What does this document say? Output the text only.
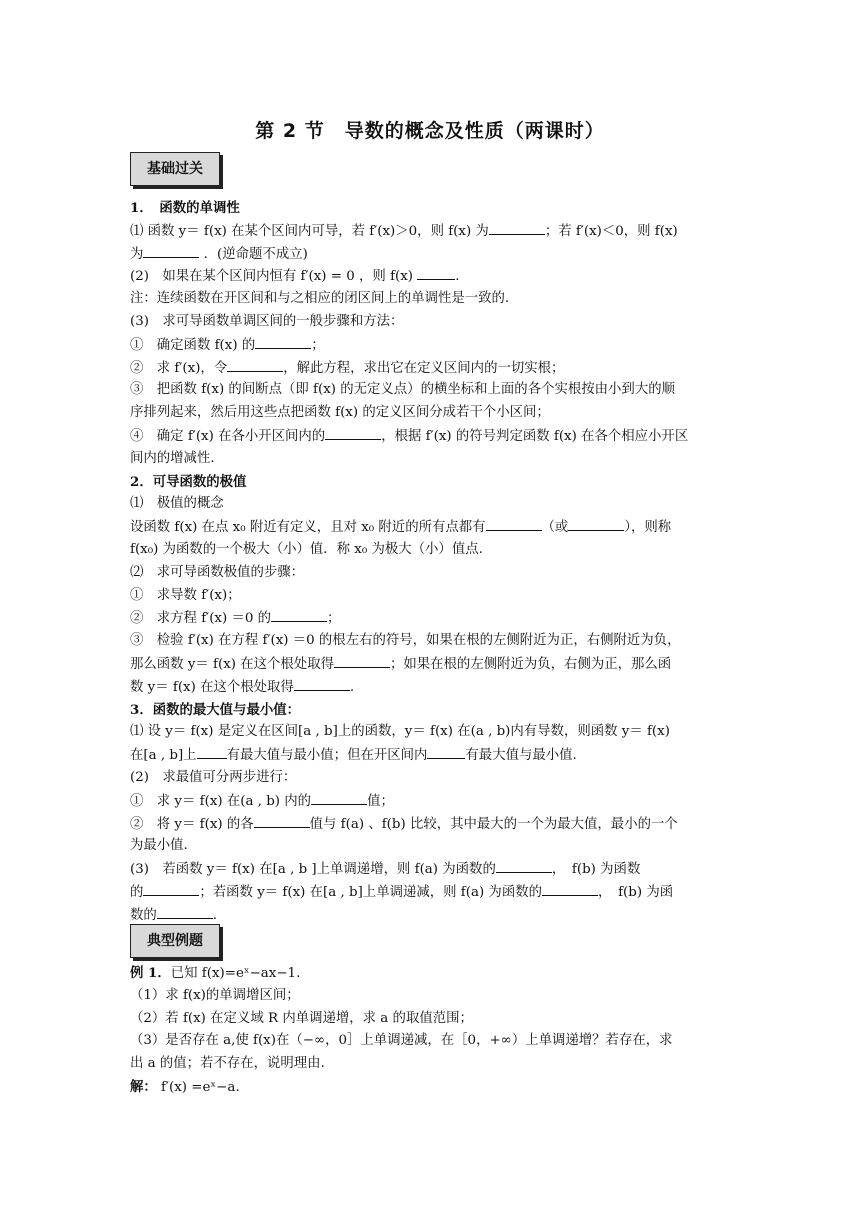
第 2 节　导数的概念及性质（两课时）
基础过关
1．　函数的单调性
⑴ 函数 y＝ f(x) 在某个区间内可导，若 f′(x)＞0，则 f(x) 为	；若 f′(x)＜0，则 f(x)
为	．(逆命题不成立)
(2)　如果在某个区间内恒有 f′(x) = 0 ，则 f(x)	.
注：连续函数在开区间和与之相应的闭区间上的单调性是一致的.
(3)　求可导函数单调区间的一般步骤和方法：
①　确定函数 f(x) 的	；
②　求 f′(x)，令	，解此方程，求出它在定义区间内的一切实根；
③　把函数 f(x) 的间断点（即 f(x) 的无定义点）的横坐标和上面的各个实根按由小到大的顺
序排列起来，然后用这些点把函数 f(x) 的定义区间分成若干个小区间；
④　确定 f′(x) 在各小开区间内的	，根据 f′(x) 的符号判定函数 f(x) 在各个相应小开区
间内的增减性.
2．可导函数的极值
⑴　极值的概念
设函数 f(x) 在点 x₀ 附近有定义，且对 x₀ 附近的所有点都有	（或	），则称
f(x₀) 为函数的一个极大（小）值．称 x₀ 为极大（小）值点.
⑵　求可导函数极值的步骤：
①　求导数 f′(x)；
②　求方程 f′(x) ＝0 的	；
③　检验 f′(x) 在方程 f′(x) ＝0 的根左右的符号，如果在根的左侧附近为正，右侧附近为负，
那么函数 y＝ f(x) 在这个根处取得	；如果在根的左侧附近为负，右侧为正，那么函
数 y＝ f(x) 在这个根处取得	.
3．函数的最大值与最小值：
⑴ 设 y＝ f(x) 是定义在区间[a , b]上的函数，y＝ f(x) 在(a , b)内有导数，则函数 y＝ f(x)
在[a , b]上 有最大值与最小值；但在开区间内	有最大值与最小值.
(2)　求最值可分两步进行：
①　求 y＝ f(x) 在(a , b) 内的	值；
②　将 y＝ f(x) 的各	值与 f(a) 、f(b) 比较，其中最大的一个为最大值，最小的一个
为最小值.
(3)　若函数 y＝ f(x) 在[a , b ]上单调递增，则 f(a) 为函数的	，　f(b) 为函数
的	；若函数 y＝ f(x) 在[a , b]上单调递减，则 f(a) 为函数的	，　f(b) 为函
数的	.
典型例题
例 1．已知 f(x)=eˣ−ax−1.
（1）求 f(x)的单调增区间；
（2）若 f(x) 在定义域 R 内单调递增，求 a 的取值范围；
（3）是否存在 a,使 f(x)在（−∞，0］上单调递减，在［0，+∞）上单调递增？若存在，求
出 a 的值；若不存在，说明理由.
解： f′(x) =eˣ−a.
